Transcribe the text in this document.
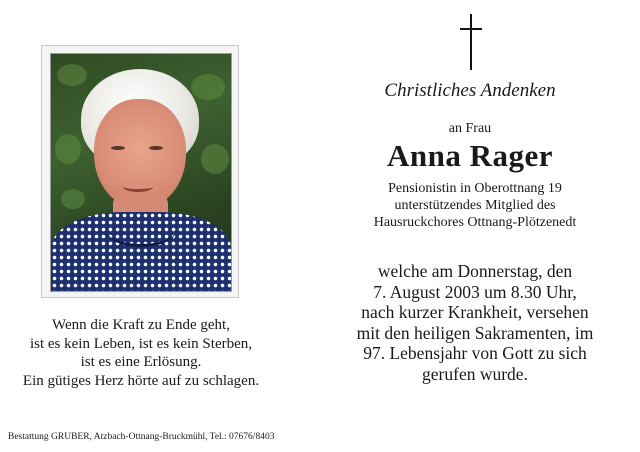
Christliches Andenken
an Frau
Anna Rager
Pensionistin in Oberottnang 19
unterstützendes Mitglied des
Hausruckchores Ottnang-Plötzenedt
welche am Donnerstag, den
7. August 2003 um 8.30 Uhr,
nach kurzer Krankheit, versehen
mit den heiligen Sakramenten, im
97. Lebensjahr von Gott zu sich
gerufen wurde.
Wenn die Kraft zu Ende geht,
ist es kein Leben, ist es kein Sterben,
ist es eine Erlösung.
Ein gütiges Herz hörte auf zu schlagen.
Bestattung GRUBER, Atzbach-Ottnang-Bruckmühl, Tel.: 07676/8403
